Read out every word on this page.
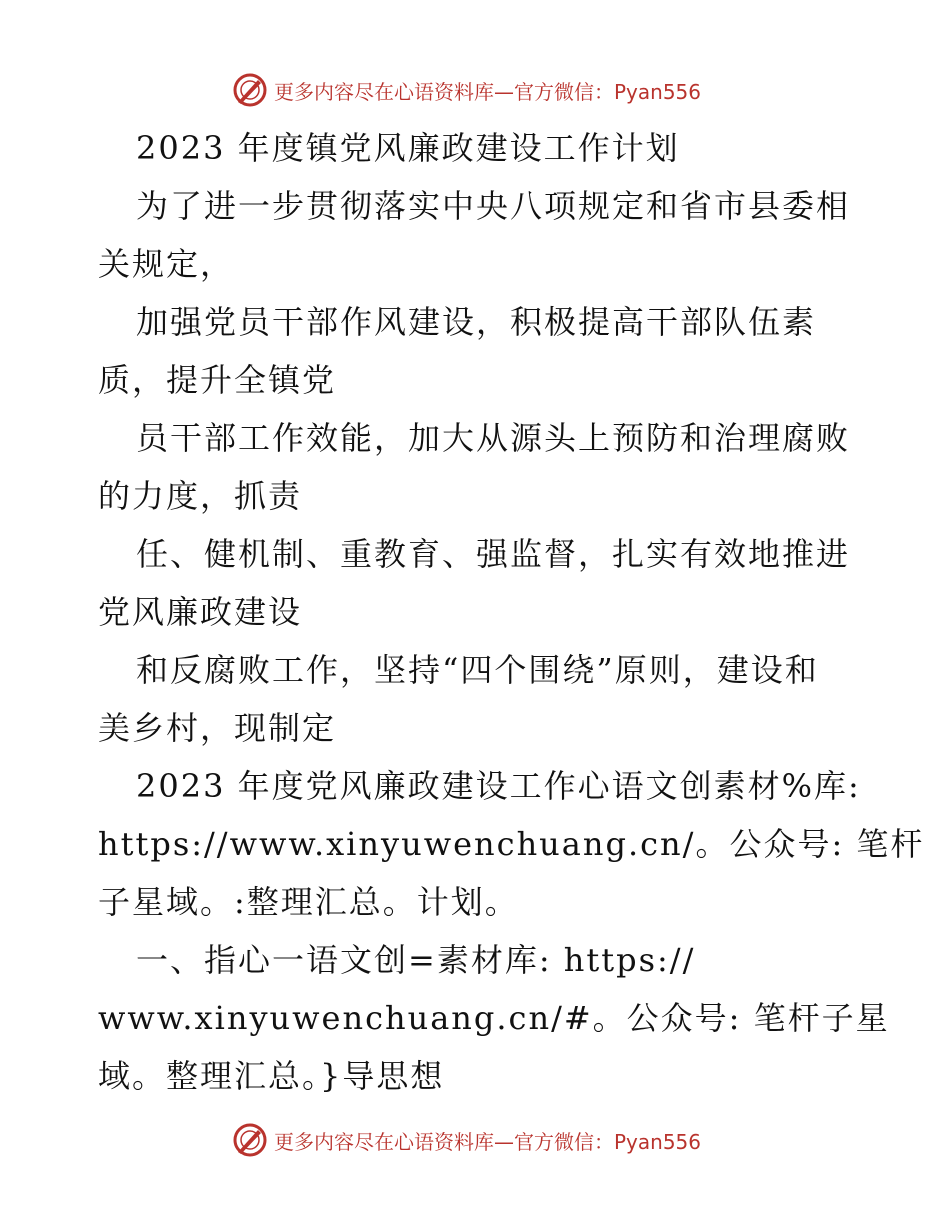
更多内容尽在心语资料库—官方微信：Pyan556
2023 年度镇党风廉政建设工作计划
为了进一步贯彻落实中央八项规定和省市县委相
关规定，
加强党员干部作风建设，积极提高干部队伍素
质，提升全镇党
员干部工作效能，加大从源头上预防和治理腐败
的力度，抓责
任、健机制、重教育、强监督，扎实有效地推进
党风廉政建设
和反腐败工作，坚持“四个围绕”原则，建设和
美乡村，现制定
2023 年度党风廉政建设工作心语文创素材%库:
https://www.xinyuwenchuang.cn/。公众号: 笔杆
子星域。:整理汇总。计划。
一、指心一语文创=素材库: https://
www.xinyuwenchuang.cn/#。公众号: 笔杆子星
域。整理汇总。}导思想
更多内容尽在心语资料库—官方微信：Pyan556
